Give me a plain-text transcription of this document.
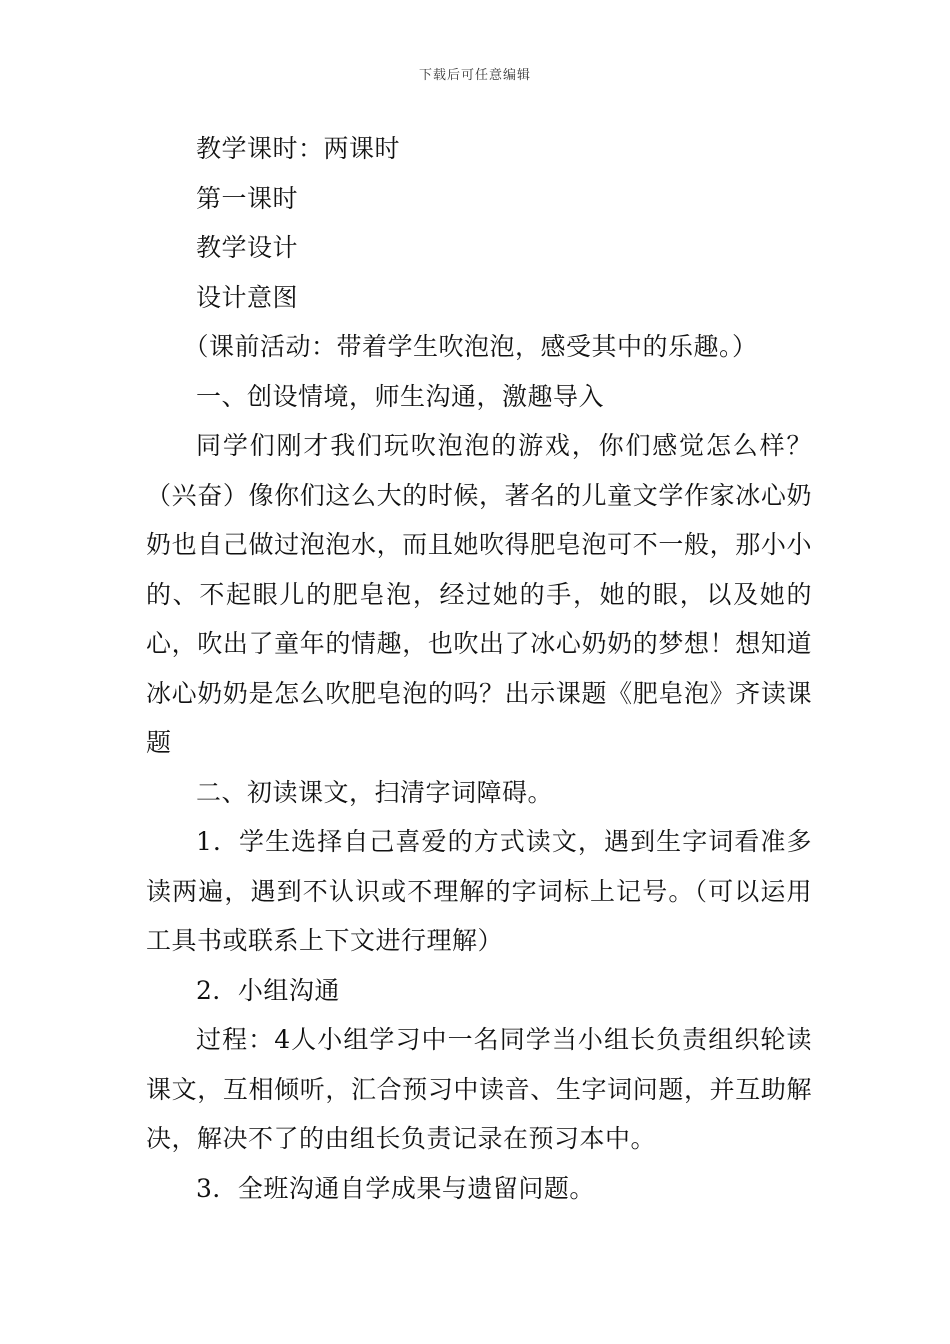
下载后可任意编辑

教学课时：两课时

第一课时

教学设计

设计意图

（课前活动：带着学生吹泡泡，感受其中的乐趣。）

一、创设情境，师生沟通，激趣导入

同学们刚才我们玩吹泡泡的游戏，你们感觉怎么样？（兴奋）像你们这么大的时候，著名的儿童文学作家冰心奶奶也自己做过泡泡水，而且她吹得肥皂泡可不一般，那小小的、不起眼儿的肥皂泡，经过她的手，她的眼，以及她的心，吹出了童年的情趣，也吹出了冰心奶奶的梦想！想知道冰心奶奶是怎么吹肥皂泡的吗？出示课题《肥皂泡》齐读课题

二、初读课文，扫清字词障碍。

1．学生选择自己喜爱的方式读文，遇到生字词看准多读两遍，遇到不认识或不理解的字词标上记号。（可以运用工具书或联系上下文进行理解）

2．小组沟通

过程：4人小组学习中一名同学当小组长负责组织轮读课文，互相倾听，汇合预习中读音、生字词问题，并互助解决，解决不了的由组长负责记录在预习本中。

3．全班沟通自学成果与遗留问题。
